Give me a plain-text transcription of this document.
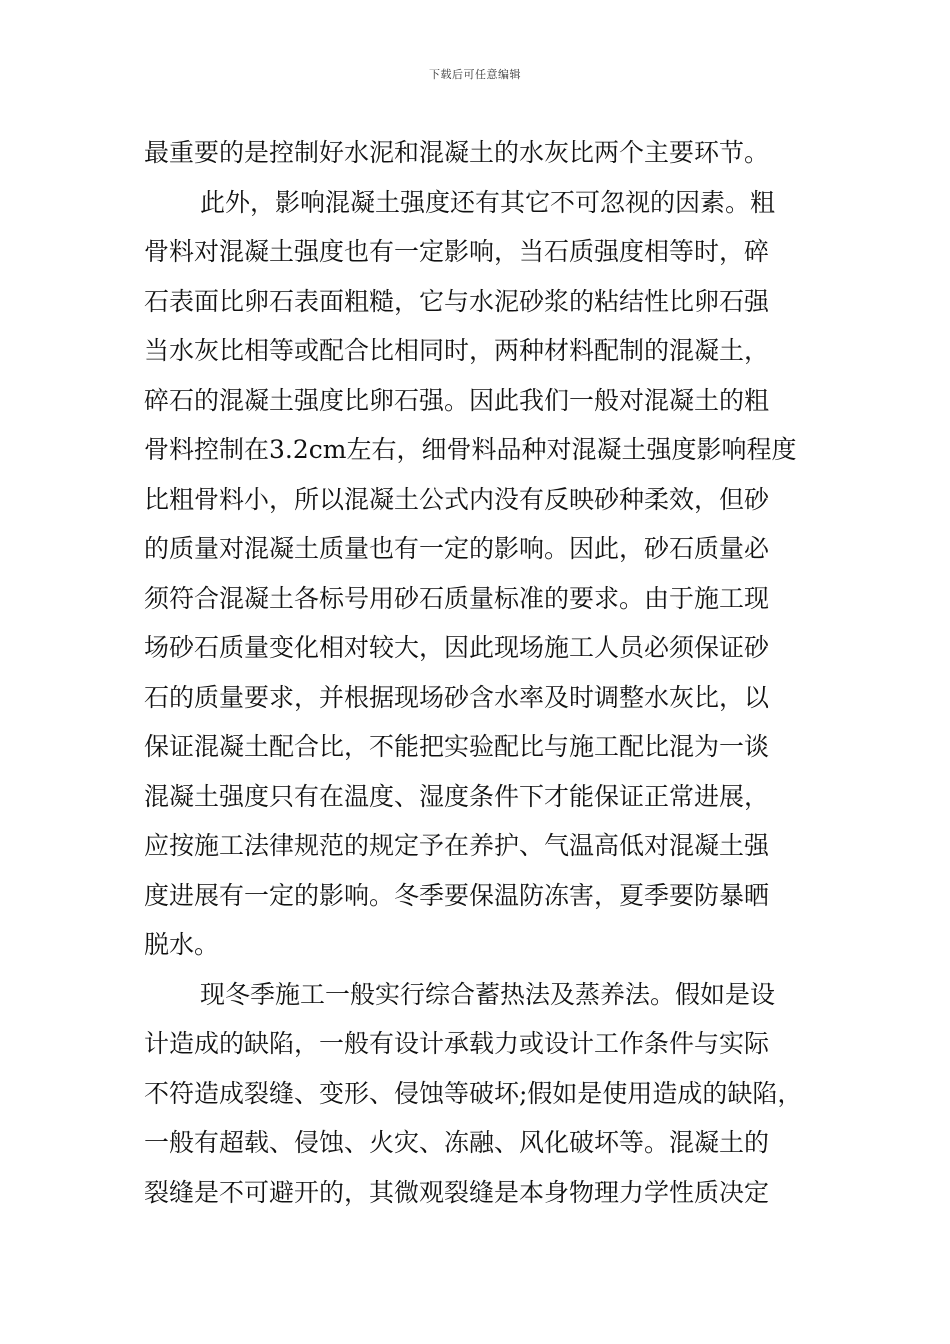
下载后可任意编辑
最重要的是控制好水泥和混凝土的水灰比两个主要环节。
此外，影响混凝土强度还有其它不可忽视的因素。粗
骨料对混凝土强度也有一定影响，当石质强度相等时，碎
石表面比卵石表面粗糙，它与水泥砂浆的粘结性比卵石强
当水灰比相等或配合比相同时，两种材料配制的混凝土，
碎石的混凝土强度比卵石强。因此我们一般对混凝土的粗
骨料控制在3.2cm左右，细骨料品种对混凝土强度影响程度
比粗骨料小，所以混凝土公式内没有反映砂种柔效，但砂
的质量对混凝土质量也有一定的影响。因此，砂石质量必
须符合混凝土各标号用砂石质量标准的要求。由于施工现
场砂石质量变化相对较大，因此现场施工人员必须保证砂
石的质量要求，并根据现场砂含水率及时调整水灰比，以
保证混凝土配合比，不能把实验配比与施工配比混为一谈
混凝土强度只有在温度、湿度条件下才能保证正常进展，
应按施工法律规范的规定予在养护、气温高低对混凝土强
度进展有一定的影响。冬季要保温防冻害，夏季要防暴晒
脱水。
现冬季施工一般实行综合蓄热法及蒸养法。假如是设
计造成的缺陷，一般有设计承载力或设计工作条件与实际
不符造成裂缝、变形、侵蚀等破坏;假如是使用造成的缺陷，
一般有超载、侵蚀、火灾、冻融、风化破坏等。混凝土的
裂缝是不可避开的，其微观裂缝是本身物理力学性质决定
